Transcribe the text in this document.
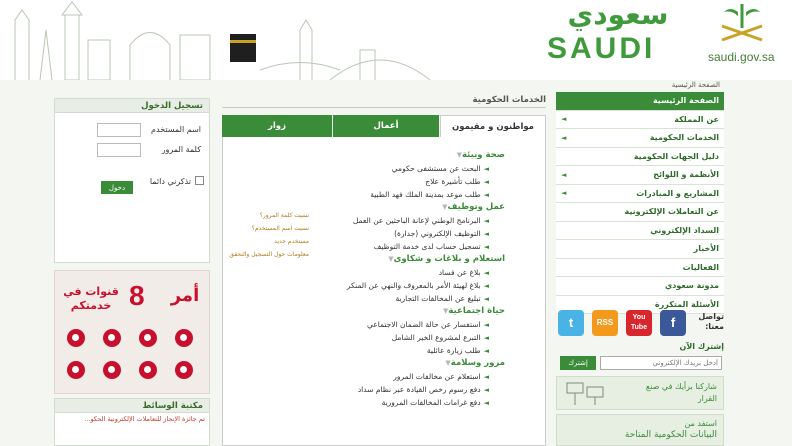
سعودي
SAUDI	saudi.gov.sa
الصفحة الرئيسية
الصفحة الرئيسية
عن المملكة
◄
الخدمات الحكومية
◄
دليل الجهات الحكومية
الأنظمة و اللوائح
◄
المشاريع و المبادرات
◄
عن التعاملات الإلكترونية
السداد الإلكتروني
الأخبار
الفعاليات
مدونة سعودي
الأسئلة المتكررة
t	RSS
You Tube	f	تواصل معنا:
إشترك الآن
أدخل بريدك الإلكتروني
إشترك
شاركنا برأيك في صنع القرار
استفد من
البيانات الحكومية المتاحة
الخدمات الحكومية
مواطنون و مقيمون
أعمال
زوار
صحة وبيئة▼
◄البحث عن مستشفى حكومي
◄طلب تأشيرة علاج
◄طلب موعد بمدينة الملك فهد الطبية
عمل وتوظيف▼
◄البرنامج الوطني لإعانة الباحثين عن العمل
◄التوظيف الإلكتروني (جدارة)
◄تسجيل حساب لدى خدمة التوظيف
استعلام و بلاغات و شكاوى▼
◄بلاغ عن فساد
◄بلاغ لهيئة الأمر بالمعروف والنهي عن المنكر
◄تبليغ عن المخالفات التجارية
حياة اجتماعية▼
◄استفسار عن حالة الضمان الاجتماعي
◄التبرع لمشروع الخير الشامل
◄طلب زيارة عائلية
مرور وسلامة▼
◄استعلام عن مخالفات المرور
◄دفع رسوم رخص القيادة عبر نظام سداد
◄دفع غرامات المخالفات المرورية
تسجيل الدخول
اسم المستخدم
كلمة المرور
تذكرني دائما
دخول
نسيت كلمة المرور؟
نسيت اسم المستخدم؟
مستخدم جديد
معلومات حول التسجيل والتحقق
قنوات في
خدمتكم 8	أمر
مكتبة الوسائط
تم جائزة الإنجاز للتعاملات الإلكترونية الحكو...
